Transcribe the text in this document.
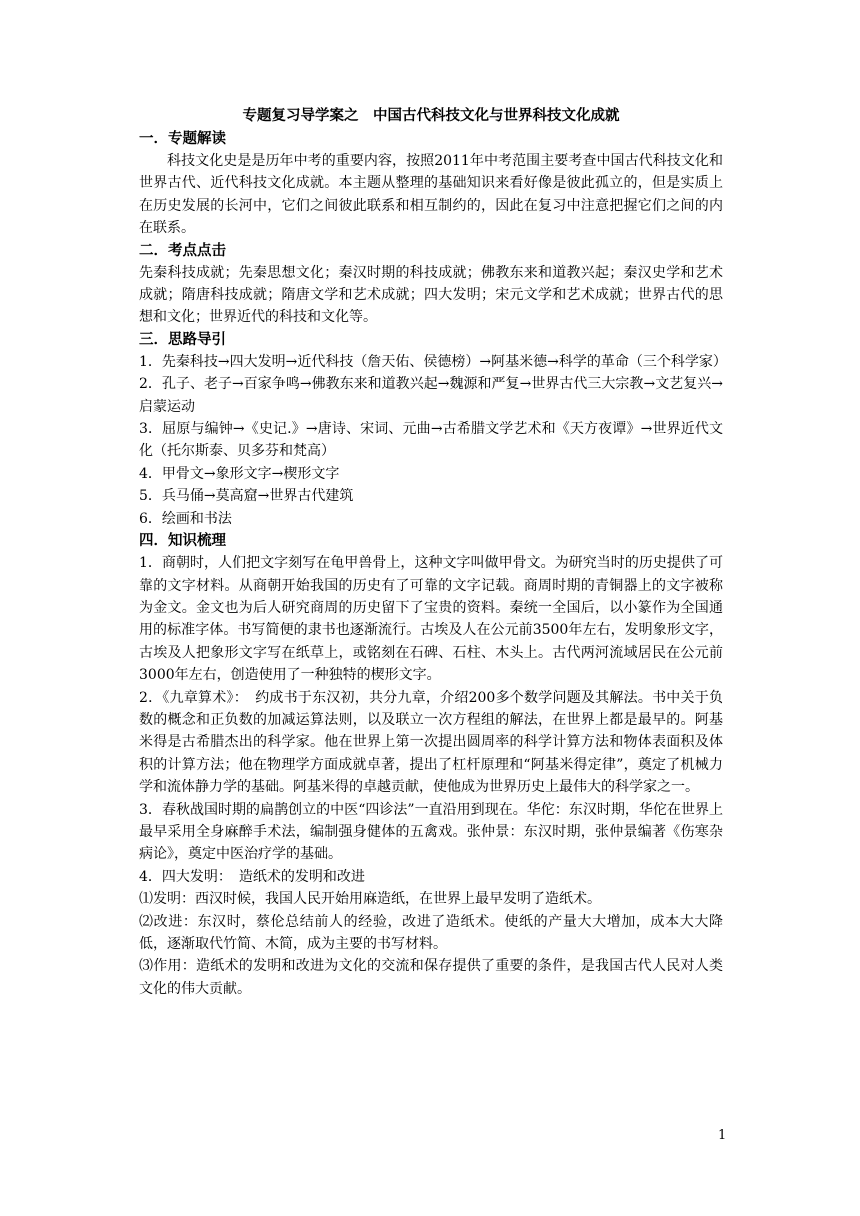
专题复习导学案之　中国古代科技文化与世界科技文化成就
一．专题解读

科技文化史是是历年中考的重要内容，按照2011年中考范围主要考查中国古代科技文化和世界古代、近代科技文化成就。本主题从整理的基础知识来看好像是彼此孤立的，但是实质上在历史发展的长河中，它们之间彼此联系和相互制约的，因此在复习中注意把握它们之间的内在联系。

二．考点点击

先秦科技成就；先秦思想文化；秦汉时期的科技成就；佛教东来和道教兴起；秦汉史学和艺术成就；隋唐科技成就；隋唐文学和艺术成就；四大发明；宋元文学和艺术成就；世界古代的思想和文化；世界近代的科技和文化等。

三．思路导引

1．先秦科技→四大发明→近代科技（詹天佑、侯德榜）→阿基米德→科学的革命（三个科学家）

2．孔子、老子→百家争鸣→佛教东来和道教兴起→魏源和严复→世界古代三大宗教→文艺复兴→启蒙运动

3．屈原与编钟→《史记.》→唐诗、宋词、元曲→古希腊文学艺术和《天方夜谭》→世界近代文化（托尔斯泰、贝多芬和梵高）

4．甲骨文→象形文字→楔形文字

5．兵马俑→莫高窟→世界古代建筑

6．绘画和书法

四．知识梳理

1．商朝时，人们把文字刻写在龟甲兽骨上，这种文字叫做甲骨文。为研究当时的历史提供了可靠的文字材料。从商朝开始我国的历史有了可靠的文字记载。商周时期的青铜器上的文字被称为金文。金文也为后人研究商周的历史留下了宝贵的资料。秦统一全国后，以小篆作为全国通用的标准字体。书写简便的隶书也逐渐流行。古埃及人在公元前3500年左右，发明象形文字，古埃及人把象形文字写在纸草上，或铭刻在石碑、石柱、木头上。古代两河流域居民在公元前3000年左右，创造使用了一种独特的楔形文字。

2．《九章算术》：　约成书于东汉初，共分九章，介绍200多个数学问题及其解法。书中关于负数的概念和正负数的加减运算法则，以及联立一次方程组的解法，在世界上都是最早的。阿基米得是古希腊杰出的科学家。他在世界上第一次提出圆周率的科学计算方法和物体表面积及体积的计算方法；他在物理学方面成就卓著，提出了杠杆原理和“阿基米得定律”，奠定了机械力学和流体静力学的基础。阿基米得的卓越贡献，使他成为世界历史上最伟大的科学家之一。

3．春秋战国时期的扁鹊创立的中医“四诊法”一直沿用到现在。华佗：东汉时期，华佗在世界上最早采用全身麻醉手术法，编制强身健体的五禽戏。张仲景：东汉时期，张仲景编著《伤寒杂病论》，奠定中医治疗学的基础。

4．四大发明：　造纸术的发明和改进

⑴发明：西汉时候，我国人民开始用麻造纸，在世界上最早发明了造纸术。

⑵改进：东汉时，蔡伦总结前人的经验，改进了造纸术。使纸的产量大大增加，成本大大降低，逐渐取代竹简、木简，成为主要的书写材料。

⑶作用：造纸术的发明和改进为文化的交流和保存提供了重要的条件，是我国古代人民对人类文化的伟大贡献。

1
